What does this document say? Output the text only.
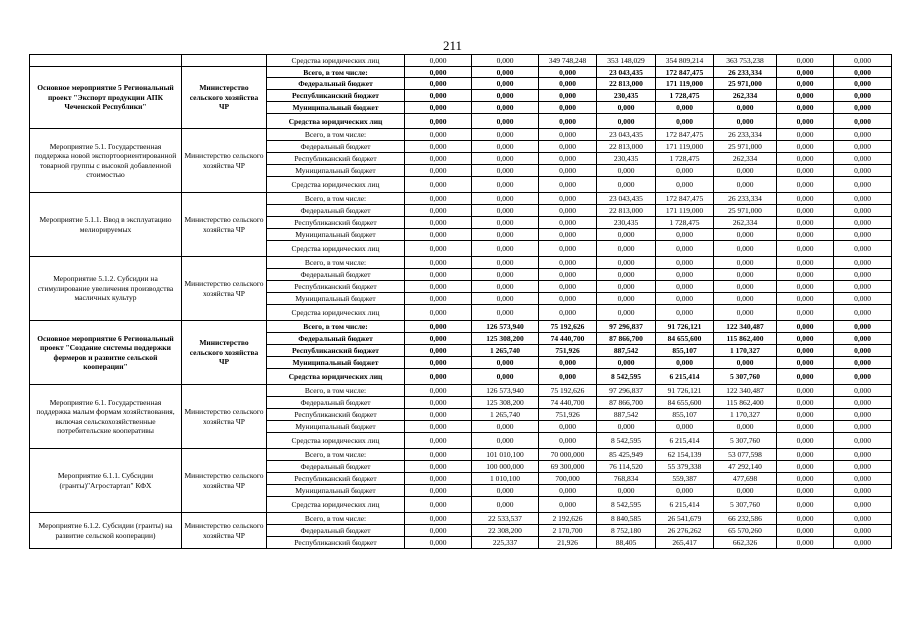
211
		Средства юридических лиц	0,000	0,000	349 748,248	353 148,029	354 809,214	363 753,238	0,000	0,000
Основное мероприятие 5 Региональный проект "Экспорт продукции АПК Чеченской Республики"	Министерство сельского хозяйства ЧР	Всего, в том числе:	0,000	0,000	0,000	23 043,435	172 847,475	26 233,334	0,000	0,000
		Федеральный бюджет	0,000	0,000	0,000	22 813,000	171 119,000	25 971,000	0,000	0,000
		Республиканский бюджет	0,000	0,000	0,000	230,435	1 728,475	262,334	0,000	0,000
		Муниципальный бюджет	0,000	0,000	0,000	0,000	0,000	0,000	0,000	0,000
		Средства юридических лиц	0,000	0,000	0,000	0,000	0,000	0,000	0,000	0,000
Мероприятие 5.1. Государственная поддержка новой экспортоориентированной товарной группы с высокой добавленной стоимостью	Министерство сельского хозяйства ЧР	Всего, в том числе:	0,000	0,000	0,000	23 043,435	172 847,475	26 233,334	0,000	0,000
		Федеральный бюджет	0,000	0,000	0,000	22 813,000	171 119,000	25 971,000	0,000	0,000
		Республиканский бюджет	0,000	0,000	0,000	230,435	1 728,475	262,334	0,000	0,000
		Муниципальный бюджет	0,000	0,000	0,000	0,000	0,000	0,000	0,000	0,000
		Средства юридических лиц	0,000	0,000	0,000	0,000	0,000	0,000	0,000	0,000
Мероприятие 5.1.1. Ввод в эксплуатацию мелиорируемых	Министерство сельского хозяйства ЧР	Всего, в том числе:	0,000	0,000	0,000	23 043,435	172 847,475	26 233,334	0,000	0,000
		Федеральный бюджет	0,000	0,000	0,000	22 813,000	171 119,000	25 971,000	0,000	0,000
		Республиканский бюджет	0,000	0,000	0,000	230,435	1 728,475	262,334	0,000	0,000
		Муниципальный бюджет	0,000	0,000	0,000	0,000	0,000	0,000	0,000	0,000
		Средства юридических лиц	0,000	0,000	0,000	0,000	0,000	0,000	0,000	0,000
Мероприятие 5.1.2. Субсидии на стимулирование увеличения производства масличных культур	Министерство сельского хозяйства ЧР	Всего, в том числе:	0,000	0,000	0,000	0,000	0,000	0,000	0,000	0,000
		Федеральный бюджет	0,000	0,000	0,000	0,000	0,000	0,000	0,000	0,000
		Республиканский бюджет	0,000	0,000	0,000	0,000	0,000	0,000	0,000	0,000
		Муниципальный бюджет	0,000	0,000	0,000	0,000	0,000	0,000	0,000	0,000
		Средства юридических лиц	0,000	0,000	0,000	0,000	0,000	0,000	0,000	0,000
Основное мероприятие 6 Региональный проект "Создание системы поддержки фермеров и развитие сельской кооперации"	Министерство сельского хозяйства ЧР	Всего, в том числе:	0,000	126 573,940	75 192,626	97 296,837	91 726,121	122 340,487	0,000	0,000
		Федеральный бюджет	0,000	125 308,200	74 440,700	87 866,700	84 655,600	115 862,400	0,000	0,000
		Республиканский бюджет	0,000	1 265,740	751,926	887,542	855,107	1 170,327	0,000	0,000
		Муниципальный бюджет	0,000	0,000	0,000	0,000	0,000	0,000	0,000	0,000
		Средства юридических лиц	0,000	0,000	0,000	8 542,595	6 215,414	5 307,760	0,000	0,000
Мероприятие 6.1. Государственная поддержка малым формам хозяйствования, включая сельскохозяйственные потребительские кооперативы	Министерство сельского хозяйства ЧР	Всего, в том числе:	0,000	126 573,940	75 192,626	97 296,837	91 726,121	122 340,487	0,000	0,000
		Федеральный бюджет	0,000	125 308,200	74 440,700	87 866,700	84 655,600	115 862,400	0,000	0,000
		Республиканский бюджет	0,000	1 265,740	751,926	887,542	855,107	1 170,327	0,000	0,000
		Муниципальный бюджет	0,000	0,000	0,000	0,000	0,000	0,000	0,000	0,000
		Средства юридических лиц	0,000	0,000	0,000	8 542,595	6 215,414	5 307,760	0,000	0,000
Мероприятие 6.1.1. Субсидии (гранты)"Агростартап" КФХ	Министерство сельского хозяйства ЧР	Всего, в том числе:	0,000	101 010,100	70 000,000	85 425,949	62 154,139	53 077,598	0,000	0,000
		Федеральный бюджет	0,000	100 000,000	69 300,000	76 114,520	55 379,338	47 292,140	0,000	0,000
		Республиканский бюджет	0,000	1 010,100	700,000	768,834	559,387	477,698	0,000	0,000
		Муниципальный бюджет	0,000	0,000	0,000	0,000	0,000	0,000	0,000	0,000
		Средства юридических лиц	0,000	0,000	0,000	8 542,595	6 215,414	5 307,760	0,000	0,000
Мероприятие 6.1.2. Субсидии (гранты) на развитие сельской кооперации)	Министерство сельского хозяйства ЧР	Всего, в том числе:	0,000	22 533,537	2 192,626	8 840,585	26 541,679	66 232,586	0,000	0,000
		Федеральный бюджет	0,000	22 308,200	2 170,700	8 752,180	26 276,262	65 570,260	0,000	0,000
		Республиканский бюджет	0,000	225,337	21,926	88,405	265,417	662,326	0,000	0,000
